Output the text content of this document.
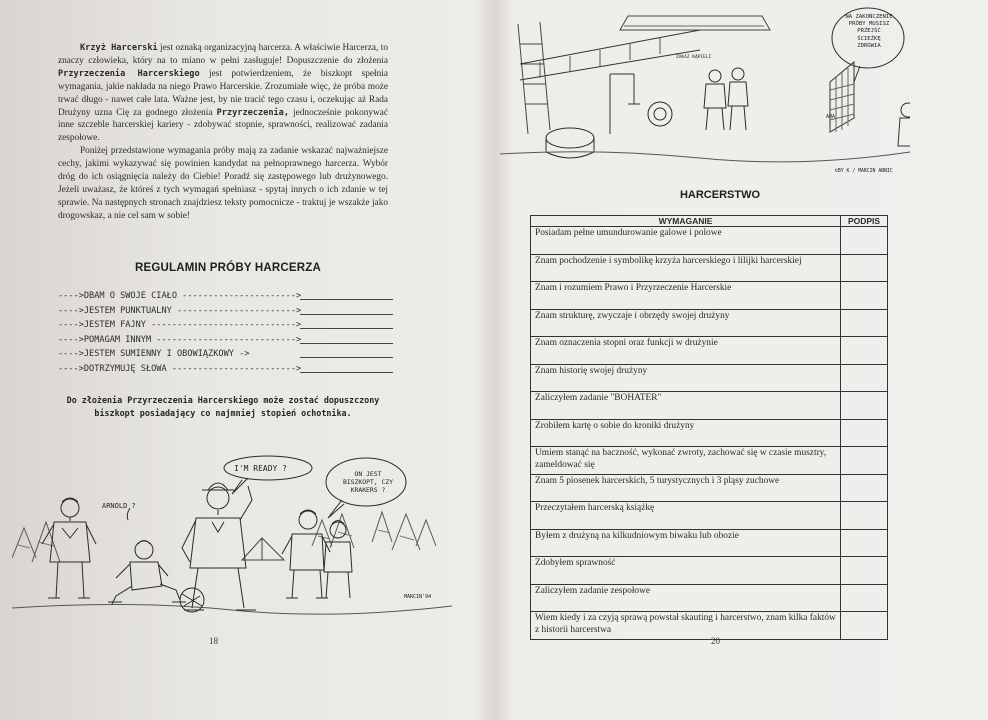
Krzyż Harcerski jest oznaką organizacyjną harcerza. A właściwie Harcerza, to znaczy człowieka, który na to miano w pełni zasługuje! Dopuszczenie do złożenia Przyrzeczenia Harcerskiego jest potwierdzeniem, że biszkopt spełnia wymagania, jakie nakłada na niego Prawo Harcerskie. Zrozumiałe więc, że próba może trwać długo - nawet całe lata. Ważne jest, by nie tracić tego czasu i, oczekując aż Rada Drużyny uzna Cię za godnego złożenia Przyrzeczenia, jednocześnie pokonywać inne szczeble harcerskiej kariery - zdobywać stopnie, sprawności, realizować zadania zespołowe.

Poniżej przedstawione wymagania próby mają za zadanie wskazać najważniejsze cechy, jakimi wykazywać się powinien kandydat na pełnoprawnego harcerza. Wybór dróg do ich osiągnięcia należy do Ciebie! Poradź się zastępowego lub drużynowego. Jeżeli uważasz, że któreś z tych wymagań spełniasz - spytaj innych o ich zdanie w tej sprawie. Na następnych stronach znajdziesz teksty pomocnicze - traktuj je wszakże jako drogowskaz, a nie cel sam w sobie!

REGULAMIN PRÓBY HARCERZA
---->DBAM O SWOJE CIAŁO ---------------------->
---->JESTEM PUNKTUALNY ----------------------->
---->JESTEM FAJNY ---------------------------->
---->POMAGAM INNYM --------------------------->
---->JESTEM SUMIENNY I OBOWIĄZKOWY ->
---->DOTRZYMUJĘ SŁOWA ------------------------>
Do złożenia Przyrzeczenia Harcerskiego może zostać dopuszczony biszkopt posiadający co najmniej stopień ochotnika.
ARNOLD ?
I'M READY ?
MARCIN'94
ON JEST BISZKOPT, CZY KRAKERS ?
18
AHA
ZAKAZ KĄPIELI
©BY K / MARCIN ANNIC
NA ZAKOŃCZENIE PRÓBY MUSISZ PRZEJŚĆ ŚCIEŻKĘ ZDROWIA
HARCERSTWO
WYMAGANIE	PODPIS
Posiadam pełne umundurowanie galowe i polowe	
Znam pochodzenie i symbolikę krzyża harcerskiego i lilijki harcerskiej	
Znam i rozumiem Prawo i Przyrzeczenie Harcerskie	
Znam strukturę, zwyczaje i obrzędy swojej drużyny	
Znam oznaczenia stopni oraz funkcji w drużynie	
Znam historię swojej drużyny	
Zaliczyłem zadanie "BOHATER"	
Zrobiłem kartę o sobie do kroniki drużyny	
Umiem stanąć na baczność, wykonać zwroty, zachować się w czasie musztry, zameldować się	
Znam 5 piosenek harcerskich, 5 turystycznych i 3 pląsy zuchowe	
Przeczytałem harcerską książkę	
Byłem z drużyną na kilkudniowym biwaku lub obozie	
Zdobyłem sprawność	
Zaliczyłem zadanie zespołowe	
Wiem kiedy i za czyją sprawą powstał skauting i harcerstwo, znam kilka faktów z historii harcerstwa	
20
